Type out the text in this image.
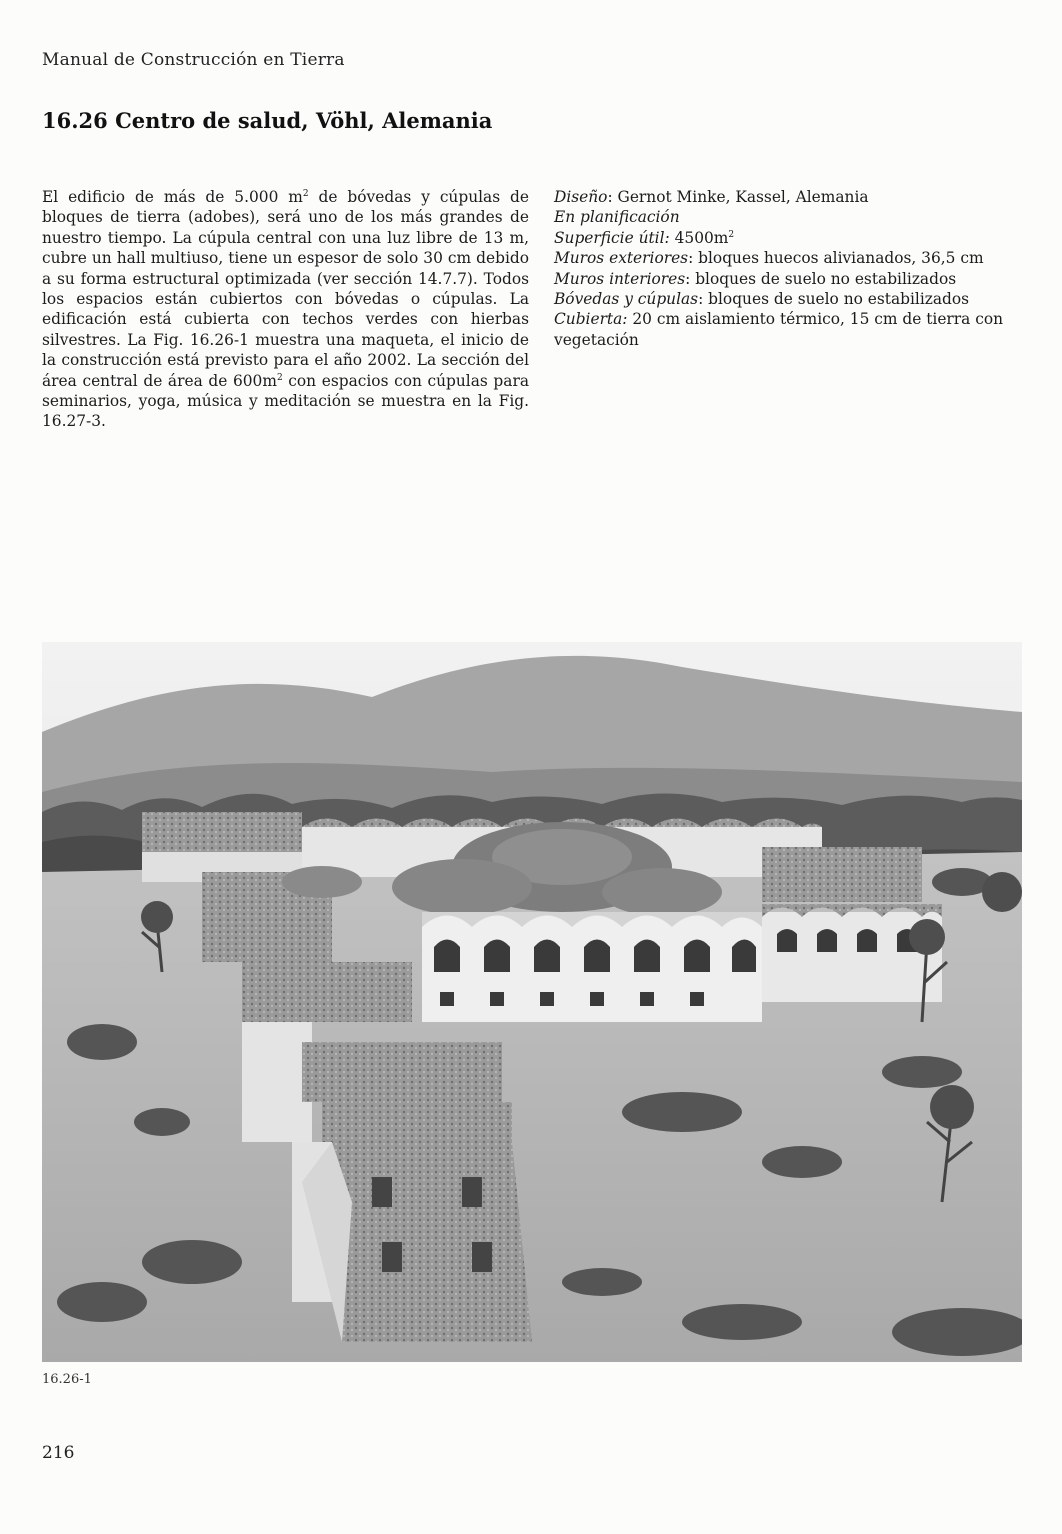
Manual de Construcción en Tierra
16.26 Centro de salud, Vöhl, Alemania

El edificio de más de 5.000 $m^2$ de bóvedas y cúpulas de bloques de tierra (adobes), será uno de los más grandes de nuestro tiempo. La cúpula central con una luz libre de 13 m, cubre un hall multiuso, tiene un espesor de solo 30 cm debido a su forma estructural optimizada (ver sección 14.7.7). Todos los espacios están cubiertos con bóvedas o cúpulas. La edificación está cubierta con techos verdes con hierbas silvestres. La Fig. 16.26-1 muestra una maqueta, el inicio de la construcción está previsto para el año 2002. La sección del área central de área de $600m^2$ con espacios con cúpulas para seminarios, yoga, música y meditación se muestra en la Fig. 16.27-3.

Diseño: Gernot Minke, Kassel, Alemania

En planificación

Superficie útil: $4500m^2$

Muros exteriores: bloques huecos alivianados, 36,5 cm

Muros interiores: bloques de suelo no estabilizados

Bóvedas y cúpulas: bloques de suelo no estabilizados

Cubierta: 20 cm aislamiento térmico, 15 cm de tierra con vegetación

16.26-1
216
